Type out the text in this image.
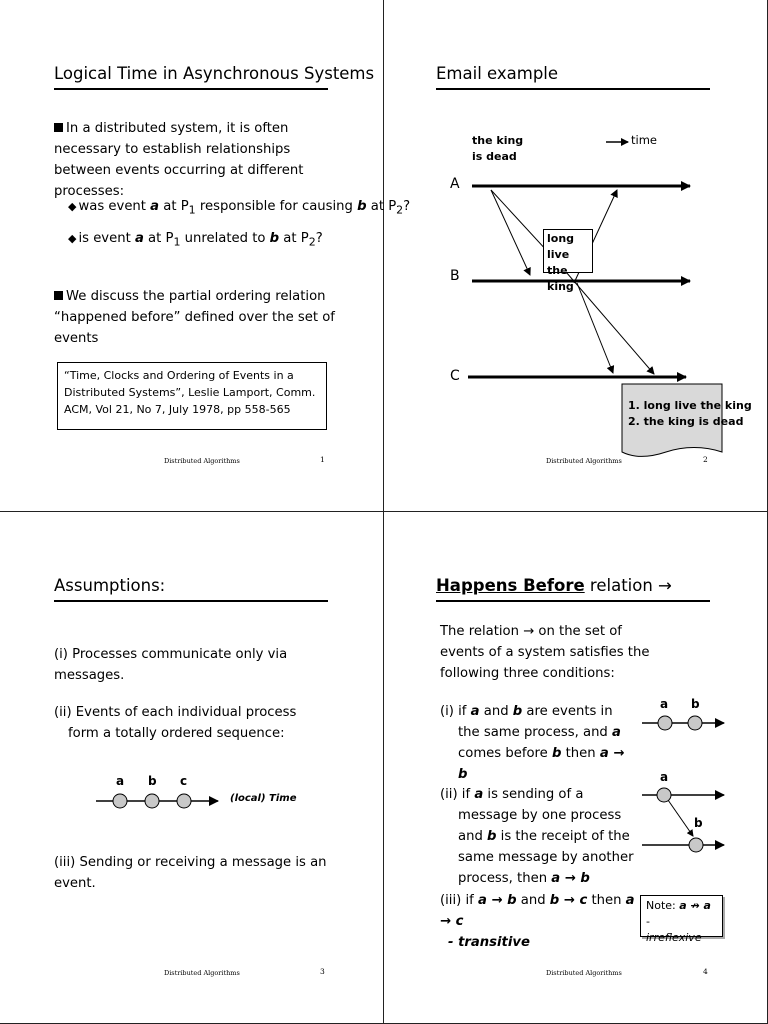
Logical Time in Asynchronous Systems
In a distributed system, it is often necessary to establish relationships between events occurring at different processes:
◆ was event a at $P_1$ responsible for causing b at $P_2$?
◆ is event a at $P_1$ unrelated to b at $P_2$?
We discuss the partial ordering relation “happened before” defined over the set of events
“Time, Clocks and Ordering of Events in a Distributed Systems”, Leslie Lamport, Comm. ACM, Vol 21, No 7, July 1978, pp 558-565
Distributed Algorithms	1
Email example
the king
is dead
time
A
B
C
long live
the king
1. long live the king
2. the king is dead
Distributed Algorithms	2
Assumptions:
(i) Processes communicate only via messages.
(ii) Events of each individual process form a totally ordered sequence:
a b c
(local) Time
(iii) Sending or receiving a message is an event.
Distributed Algorithms	3
Happens Before relation →
The relation → on the set of events of a system satisfies the following three conditions:
(i) if a and b are events in the same process, and a comes before b then a → b
(ii) if a is sending of a message by one process and b is the receipt of the same message by another process, then a → b
(iii) if a → b and b → c then a → c
- transitive
Note: a ↛ a -
irreflexive
a b
a
b
Distributed Algorithms	4
